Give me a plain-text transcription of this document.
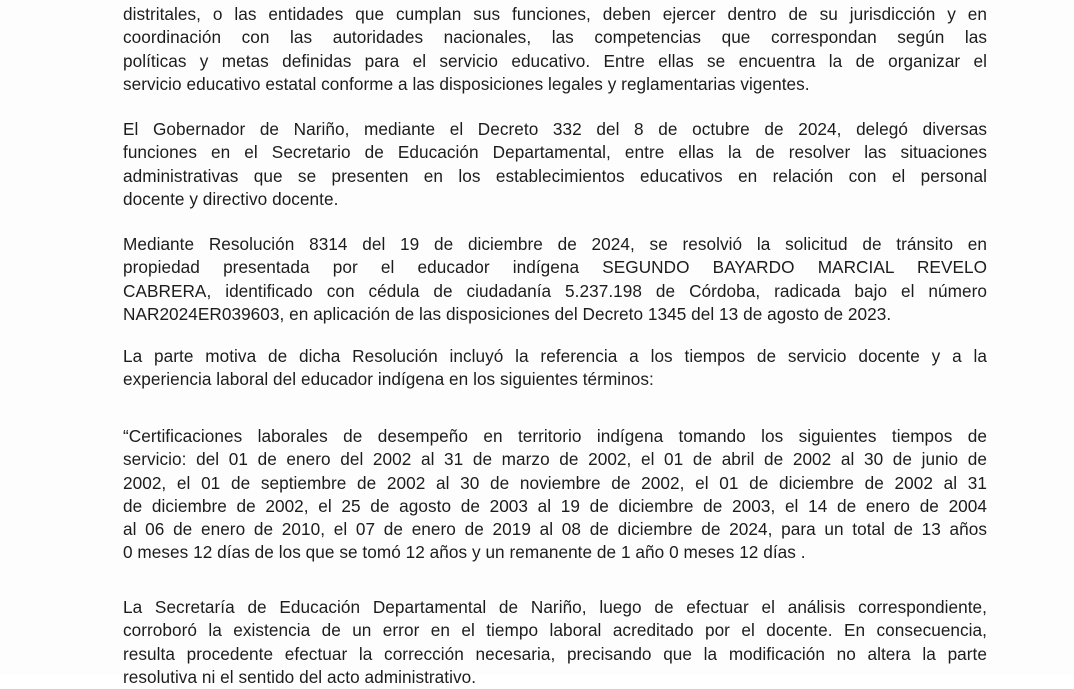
distritales, o las entidades que cumplan sus funciones, deben ejercer dentro de su jurisdicción y en
coordinación con las autoridades nacionales, las competencias que correspondan según las
políticas y metas definidas para el servicio educativo. Entre ellas se encuentra la de organizar el
servicio educativo estatal conforme a las disposiciones legales y reglamentarias vigentes.
El Gobernador de Nariño, mediante el Decreto 332 del 8 de octubre de 2024, delegó diversas
funciones en el Secretario de Educación Departamental, entre ellas la de resolver las situaciones
administrativas que se presenten en los establecimientos educativos en relación con el personal
docente y directivo docente.
Mediante Resolución 8314 del 19 de diciembre de 2024, se resolvió la solicitud de tránsito en
propiedad presentada por el educador indígena SEGUNDO BAYARDO MARCIAL REVELO
CABRERA, identificado con cédula de ciudadanía 5.237.198 de Córdoba, radicada bajo el número
NAR2024ER039603, en aplicación de las disposiciones del Decreto 1345 del 13 de agosto de 2023.
La parte motiva de dicha Resolución incluyó la referencia a los tiempos de servicio docente y a la
experiencia laboral del educador indígena en los siguientes términos:
“Certificaciones laborales de desempeño en territorio indígena tomando los siguientes tiempos de
servicio: del 01 de enero del 2002 al 31 de marzo de 2002, el 01 de abril de 2002 al 30 de junio de
2002, el 01 de septiembre de 2002 al 30 de noviembre de 2002, el 01 de diciembre de 2002 al 31
de diciembre de 2002, el 25 de agosto de 2003 al 19 de diciembre de 2003, el 14 de enero de 2004
al 06 de enero de 2010, el 07 de enero de 2019 al 08 de diciembre de 2024, para un total de 13 años
0 meses 12 días de los que se tomó 12 años y un remanente de 1 año 0 meses 12 días .
La Secretaría de Educación Departamental de Nariño, luego de efectuar el análisis correspondiente,
corroboró la existencia de un error en el tiempo laboral acreditado por el docente. En consecuencia,
resulta procedente efectuar la corrección necesaria, precisando que la modificación no altera la parte
resolutiva ni el sentido del acto administrativo.
